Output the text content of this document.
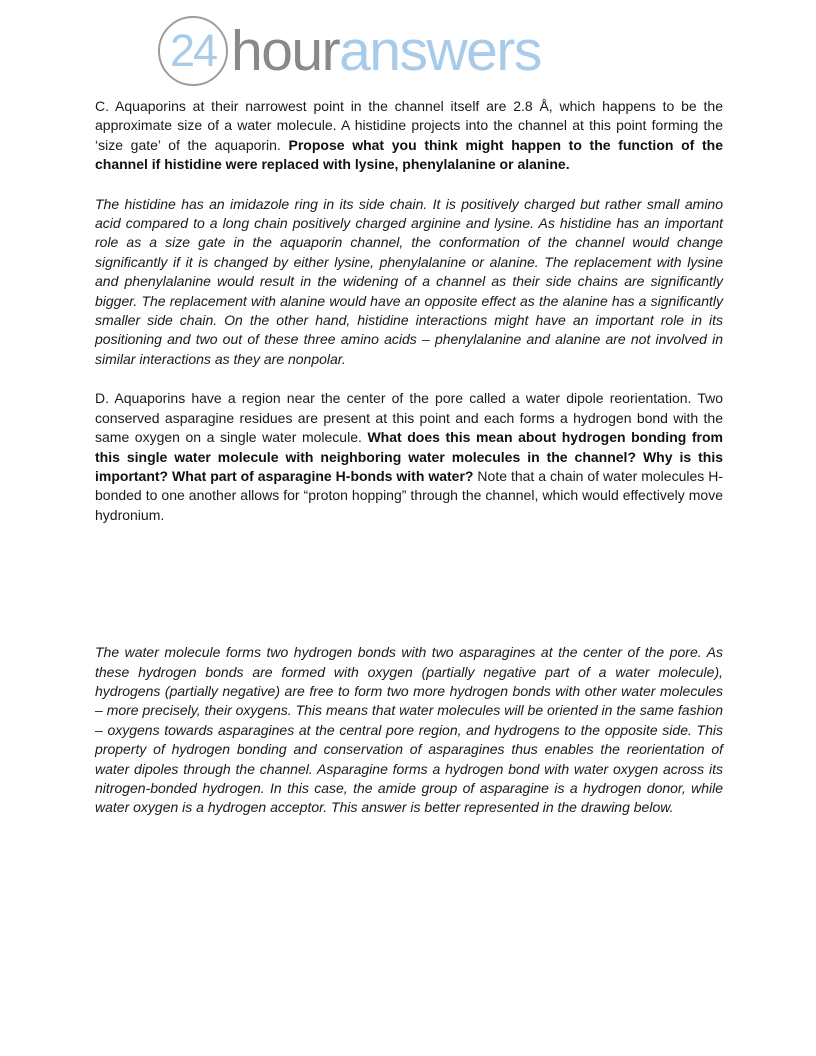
24 hour answers

C. Aquaporins at their narrowest point in the channel itself are 2.8 Å, which happens to be the approximate size of a water molecule. A histidine projects into the channel at this point forming the ‘size gate’ of the aquaporin. Propose what you think might happen to the function of the channel if histidine were replaced with lysine, phenylalanine or alanine.

The histidine has an imidazole ring in its side chain. It is positively charged but rather small amino acid compared to a long chain positively charged arginine and lysine. As histidine has an important role as a size gate in the aquaporin channel, the conformation of the channel would change significantly if it is changed by either lysine, phenylalanine or alanine. The replacement with lysine and phenylalanine would result in the widening of a channel as their side chains are significantly bigger. The replacement with alanine would have an opposite effect as the alanine has a significantly smaller side chain. On the other hand, histidine interactions might have an important role in its positioning and two out of these three amino acids – phenylalanine and alanine are not involved in similar interactions as they are nonpolar.

D. Aquaporins have a region near the center of the pore called a water dipole reorientation. Two conserved asparagine residues are present at this point and each forms a hydrogen bond with the same oxygen on a single water molecule. What does this mean about hydrogen bonding from this single water molecule with neighboring water molecules in the channel? Why is this important? What part of asparagine H-bonds with water? Note that a chain of water molecules H-bonded to one another allows for “proton hopping” through the channel, which would effectively move hydronium.

The water molecule forms two hydrogen bonds with two asparagines at the center of the pore. As these hydrogen bonds are formed with oxygen (partially negative part of a water molecule), hydrogens (partially negative) are free to form two more hydrogen bonds with other water molecules – more precisely, their oxygens. This means that water molecules will be oriented in the same fashion – oxygens towards asparagines at the central pore region, and hydrogens to the opposite side. This property of hydrogen bonding and conservation of asparagines thus enables the reorientation of water dipoles through the channel. Asparagine forms a hydrogen bond with water oxygen across its nitrogen-bonded hydrogen. In this case, the amide group of asparagine is a hydrogen donor, while water oxygen is a hydrogen acceptor. This answer is better represented in the drawing below.
